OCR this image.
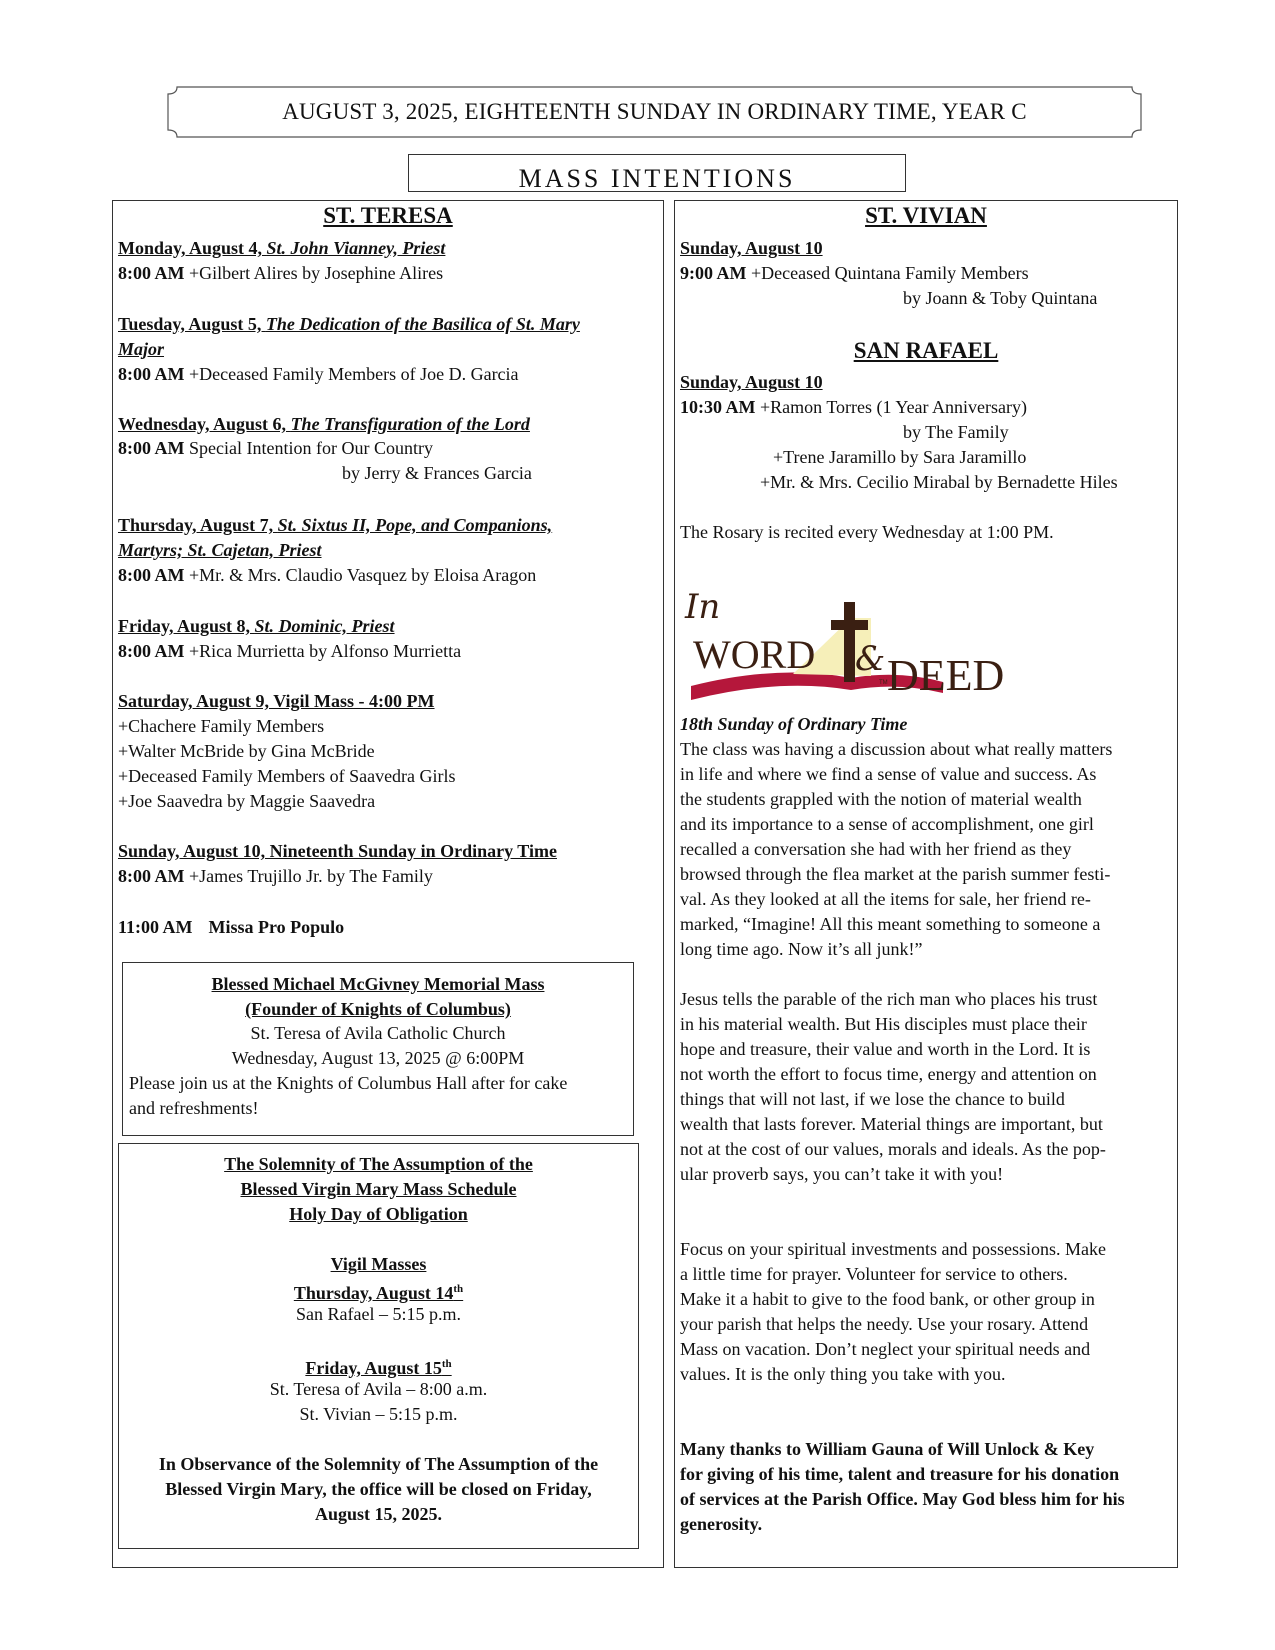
AUGUST 3, 2025, EIGHTEENTH SUNDAY IN ORDINARY TIME, YEAR C
MASS INTENTIONS
ST. TERESA
Monday, August 4, St. John Vianney, Priest
8:00 AM +Gilbert Alires by Josephine Alires
Tuesday, August 5, The Dedication of the Basilica of St. Mary
Major
8:00 AM +Deceased Family Members of Joe D. Garcia
Wednesday, August 6, The Transfiguration of the Lord
8:00 AM Special Intention for Our Country
by Jerry & Frances Garcia
Thursday, August 7, St. Sixtus II, Pope, and Companions,
Martyrs; St. Cajetan, Priest
8:00 AM +Mr. & Mrs. Claudio Vasquez by Eloisa Aragon
Friday, August 8, St. Dominic, Priest
8:00 AM +Rica Murrietta by Alfonso Murrietta
Saturday, August 9, Vigil Mass - 4:00 PM
+Chachere Family Members
+Walter McBride by Gina McBride
+Deceased Family Members of Saavedra Girls
+Joe Saavedra by Maggie Saavedra
Sunday, August 10, Nineteenth Sunday in Ordinary Time
8:00 AM +James Trujillo Jr. by The Family
11:00 AM Missa Pro Populo
Blessed Michael McGivney Memorial Mass
(Founder of Knights of Columbus)
St. Teresa of Avila Catholic Church
Wednesday, August 13, 2025 @ 6:00PM
Please join us at the Knights of Columbus Hall after for cake
and refreshments!
The Solemnity of The Assumption of the
Blessed Virgin Mary Mass Schedule
Holy Day of Obligation
Vigil Masses
Thursday, August 14th
San Rafael – 5:15 p.m.
Friday, August 15th
St. Teresa of Avila – 8:00 a.m.
St. Vivian – 5:15 p.m.
In Observance of the Solemnity of The Assumption of the
Blessed Virgin Mary, the office will be closed on Friday,
August 15, 2025.
ST. VIVIAN
Sunday, August 10
9:00 AM +Deceased Quintana Family Members
by Joann & Toby Quintana
SAN RAFAEL
Sunday, August 10
10:30 AM +Ramon Torres (1 Year Anniversary)
by The Family
+Trene Jaramillo by Sara Jaramillo
+Mr. & Mrs. Cecilio Mirabal by Bernadette Hiles
The Rosary is recited every Wednesday at 1:00 PM.
In
WORD &
TM DEED
18th Sunday of Ordinary Time
The class was having a discussion about what really matters
in life and where we find a sense of value and success. As
the students grappled with the notion of material wealth
and its importance to a sense of accomplishment, one girl
recalled a conversation she had with her friend as they
browsed through the flea market at the parish summer festi-
val. As they looked at all the items for sale, her friend re-
marked, “Imagine! All this meant something to someone a
long time ago. Now it’s all junk!”
Jesus tells the parable of the rich man who places his trust
in his material wealth. But His disciples must place their
hope and treasure, their value and worth in the Lord. It is
not worth the effort to focus time, energy and attention on
things that will not last, if we lose the chance to build
wealth that lasts forever. Material things are important, but
not at the cost of our values, morals and ideals. As the pop-
ular proverb says, you can’t take it with you!
Focus on your spiritual investments and possessions. Make
a little time for prayer. Volunteer for service to others.
Make it a habit to give to the food bank, or other group in
your parish that helps the needy. Use your rosary. Attend
Mass on vacation. Don’t neglect your spiritual needs and
values. It is the only thing you take with you.
Many thanks to William Gauna of Will Unlock & Key
for giving of his time, talent and treasure for his donation
of services at the Parish Office. May God bless him for his
generosity.
